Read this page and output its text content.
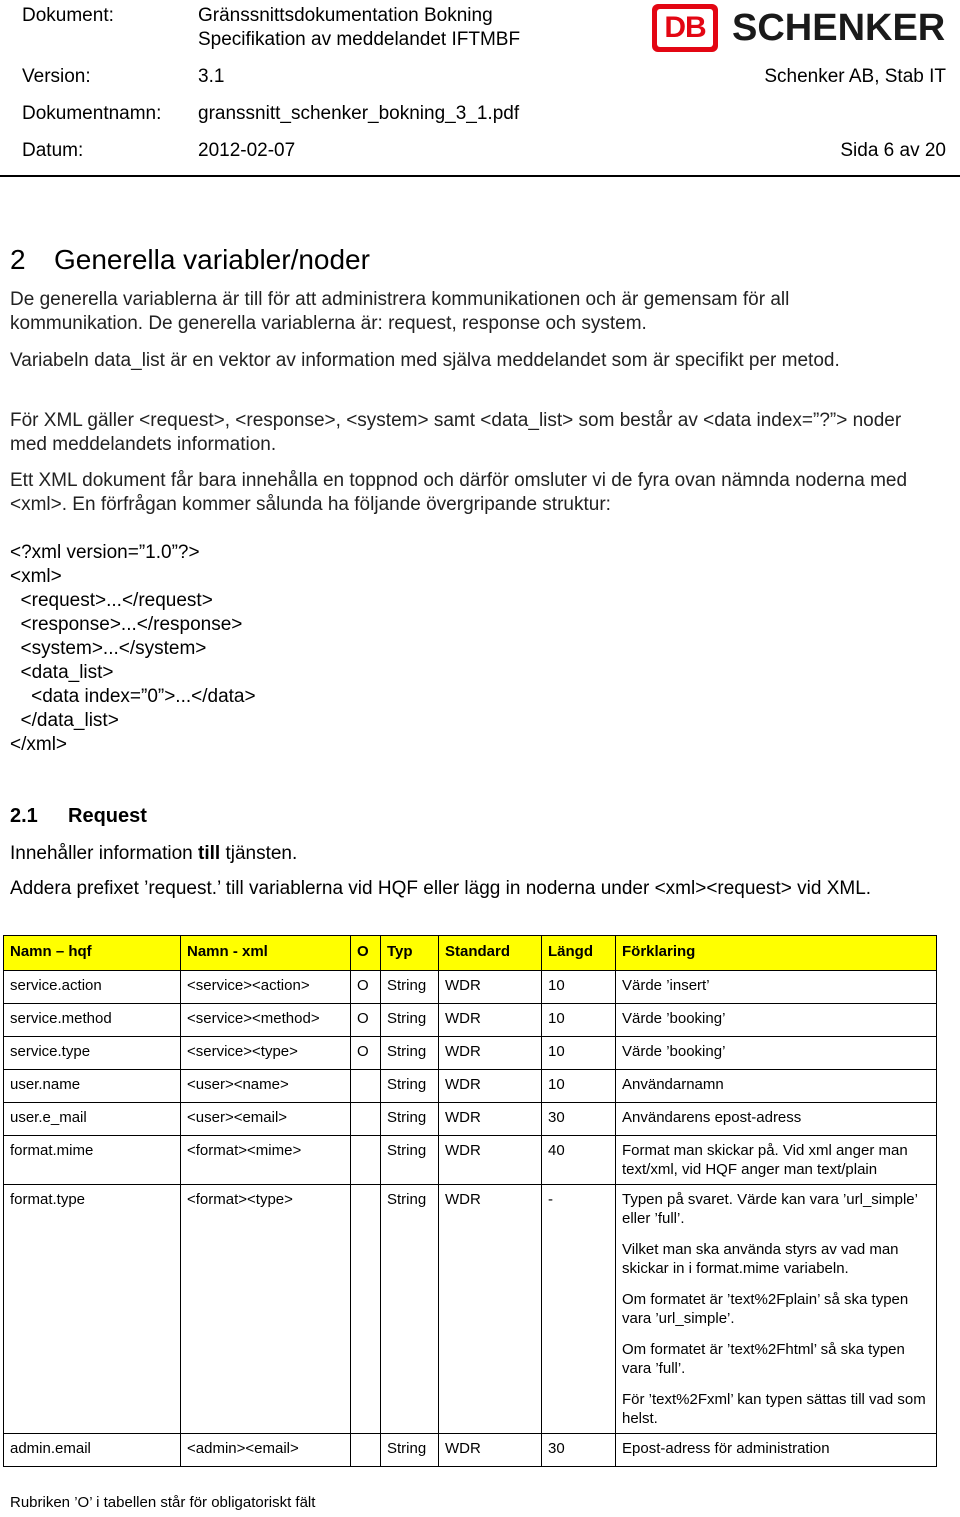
Dokument:	Gränssnittsdokumentation Bokning
Specifikation av meddelandet IFTMBF
Version:	3.1	Schenker AB, Stab IT
Dokumentnamn: granssnitt_schenker_bokning_3_1.pdf
Datum:	2012-02-07	Sida 6 av 20
DB SCHENKER
2 Generella variabler/noder
De generella variablerna är till för att administrera kommunikationen och är gemensam för all kommunikation. De generella variablerna är: request, response och system.
Variabeln data_list är en vektor av information med själva meddelandet som är specifikt per metod.
För XML gäller <request>, <response>, <system> samt <data_list> som består av <data index=”?”> noder med meddelandets information.
Ett XML dokument får bara innehålla en toppnod och därför omsluter vi de fyra ovan nämnda noderna med <xml>. En förfrågan kommer sålunda ha följande övergripande struktur:
<?xml version=”1.0”?>
<xml>
<request>...</request>
<response>...</response>
<system>...</system>
<data_list>
<data index=”0”>...</data>
</data_list>
</xml>
2.1 Request
Innehåller information till tjänsten.
Addera prefixet ’request.’ till variablerna vid HQF eller lägg in noderna under <xml><request> vid XML.
Namn – hqf	Namn - xml	O	Typ	Standard	Längd	Förklaring
service.action	<service><action>	O	String	WDR	10	Värde ’insert’
service.method	<service><method>	O	String	WDR	10	Värde ’booking’
service.type	<service><type>	O	String	WDR	10	Värde ’booking’
user.name	<user><name>		String	WDR	10	Användarnamn
user.e_mail	<user><email>		String	WDR	30	Användarens epost-adress
format.mime	<format><mime>		String	WDR	40	Format man skickar på. Vid xml anger man text/xml, vid HQF anger man text/plain
format.type	<format><type>		String	WDR	-	Typen på svaret. Värde kan vara ’url_simple’ eller ’full’.

Vilket man ska använda styrs av vad man skickar in i format.mime variabeln.

Om formatet är ’text%2Fplain’ så ska typen vara ’url_simple’.

Om formatet är ’text%2Fhtml’ så ska typen vara ’full’.

För ’text%2Fxml’ kan typen sättas till vad som helst.

admin.email	<admin><email>		String	WDR	30	Epost-adress för administration
Rubriken ’O’ i tabellen står för obligatoriskt fält
